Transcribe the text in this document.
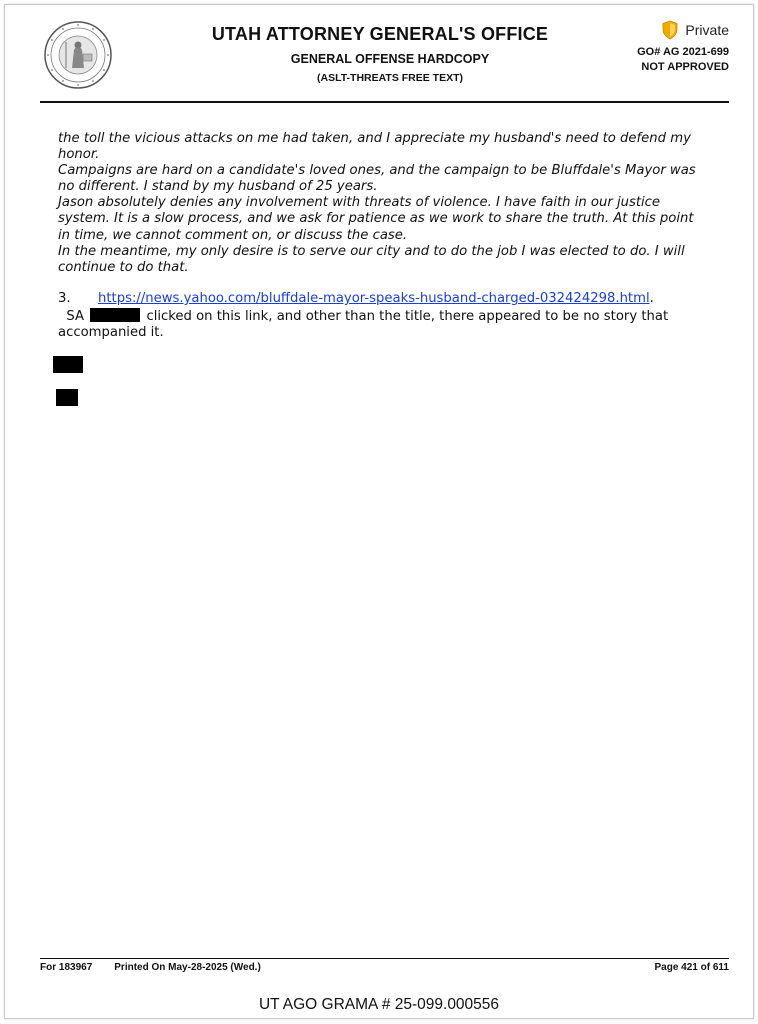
UTAH ATTORNEY GENERAL'S OFFICE
GENERAL OFFENSE HARDCOPY
(ASLT-THREATS FREE TEXT)
Private
GO# AG 2021-699
NOT APPROVED

the toll the vicious attacks on me had taken, and I appreciate my husband's need to defend my honor.

Campaigns are hard on a candidate's loved ones, and the campaign to be Bluffdale's Mayor was no different. I stand by my husband of 25 years.

Jason absolutely denies any involvement with threats of violence. I have faith in our justice system. It is a slow process, and we ask for patience as we work to share the truth. At this point in time, we cannot comment on, or discuss the case.

In the meantime, my only desire is to serve our city and to do the job I was elected to do. I will continue to do that.

3. https://news.yahoo.com/bluffdale-mayor-speaks-husband-charged-032424298.html.
SA	clicked on this link, and other than the title, there appeared to be no story that accompanied it.
For 183967 Printed On May-28-2025 (Wed.)	Page 421 of 611
UT AGO GRAMA # 25-099.000556
